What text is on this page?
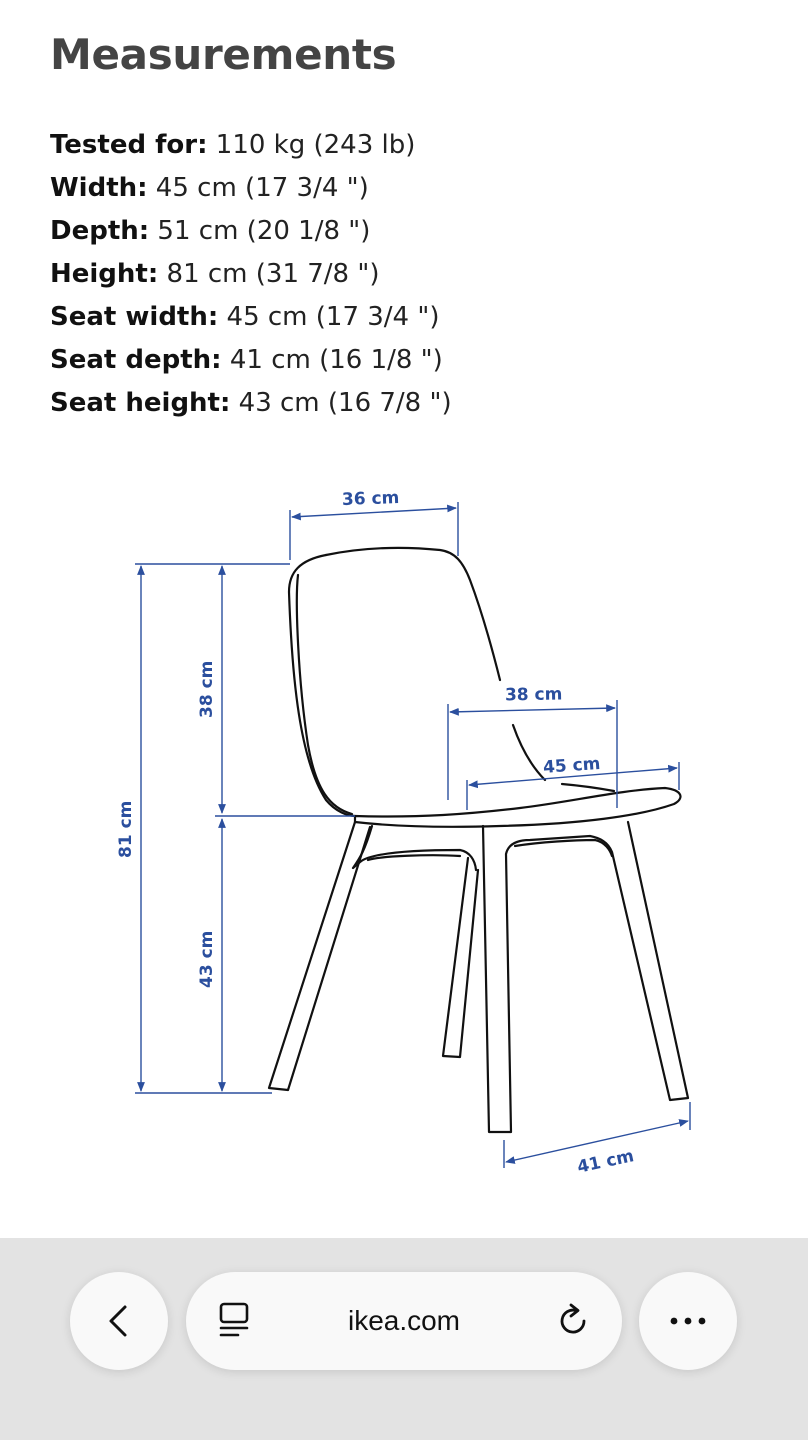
Measurements
Tested for: 110 kg (243 lb)
Width: 45 cm (17 3/4 ")
Depth: 51 cm (20 1/8 ")
Height: 81 cm (31 7/8 ")
Seat width: 45 cm (17 3/4 ")
Seat depth: 41 cm (16 1/8 ")
Seat height: 43 cm (16 7/8 ")
36 cm
81 cm
38 cm
43 cm
38 cm
45 cm
41 cm
ikea.com
